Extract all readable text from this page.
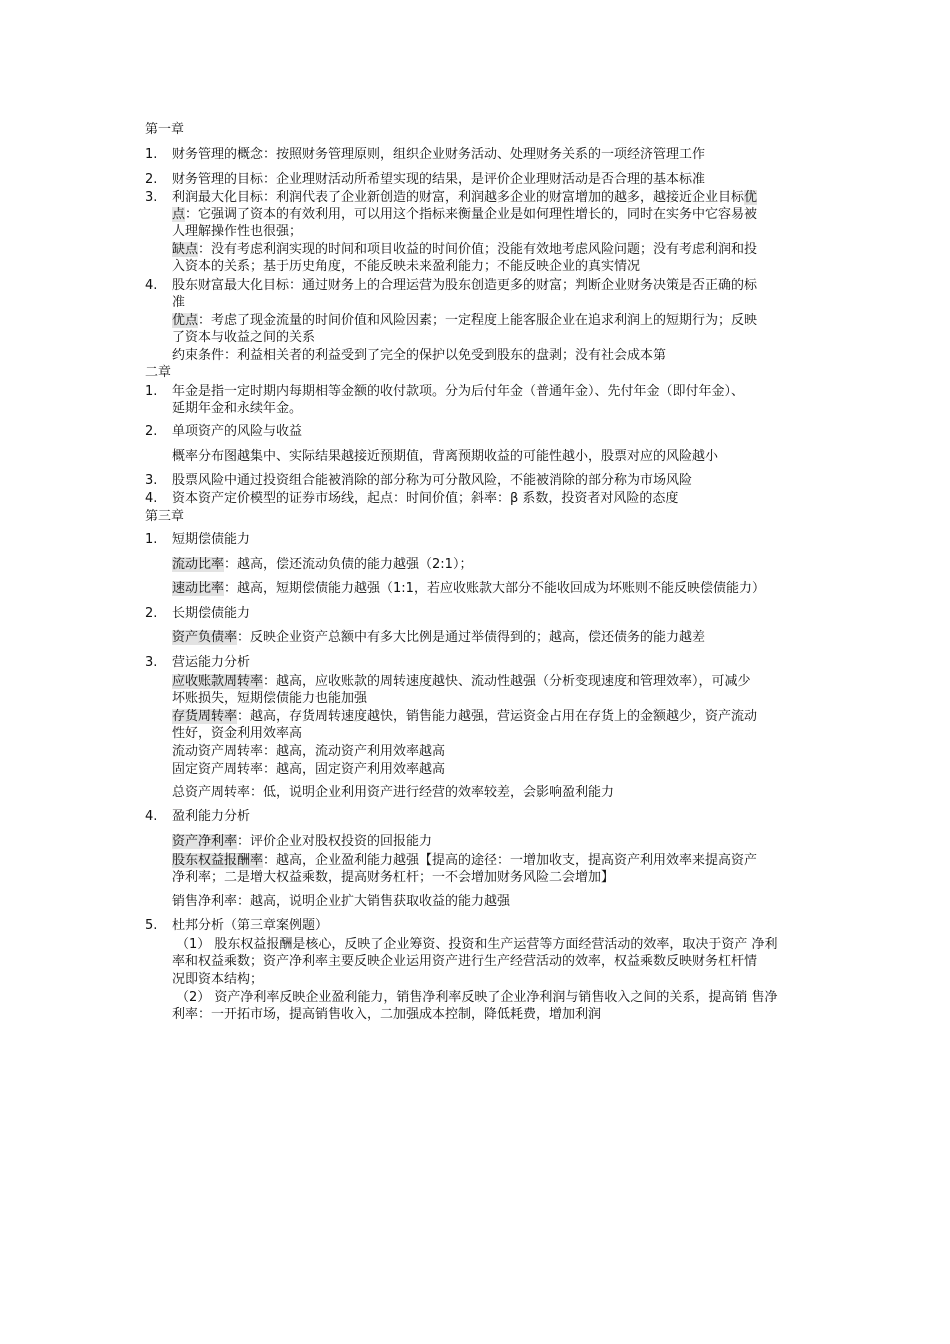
第一章
1. 财务管理的概念：按照财务管理原则，组织企业财务活动、处理财务关系的一项经济管理工作
2. 财务管理的目标：企业理财活动所希望实现的结果，是评价企业理财活动是否合理的基本标准
3. 利润最大化目标：利润代表了企业新创造的财富，利润越多企业的财富增加的越多，越接近企业目标优
点：它强调了资本的有效利用，可以用这个指标来衡量企业是如何理性增长的，同时在实务中它容易被
人理解操作性也很强；
缺点：没有考虑利润实现的时间和项目收益的时间价值；没能有效地考虑风险问题；没有考虑利润和投
入资本的关系；基于历史角度，不能反映未来盈利能力；不能反映企业的真实情况
4. 股东财富最大化目标：通过财务上的合理运营为股东创造更多的财富；判断企业财务决策是否正确的标
准
优点：考虑了现金流量的时间价值和风险因素；一定程度上能客服企业在追求利润上的短期行为；反映
了资本与收益之间的关系
约束条件：利益相关者的利益受到了完全的保护以免受到股东的盘剥；没有社会成本第
二章
1. 年金是指一定时期内每期相等金额的收付款项。分为后付年金（普通年金）、先付年金（即付年金）、
延期年金和永续年金。
2. 单项资产的风险与收益
概率分布图越集中、实际结果越接近预期值，背离预期收益的可能性越小，股票对应的风险越小
3. 股票风险中通过投资组合能被消除的部分称为可分散风险，不能被消除的部分称为市场风险
4. 资本资产定价模型的证券市场线，起点：时间价值；斜率：β 系数，投资者对风险的态度
第三章
1. 短期偿债能力
流动比率：越高，偿还流动负债的能力越强（2:1）；
速动比率：越高，短期偿债能力越强（1:1，若应收账款大部分不能收回成为坏账则不能反映偿债能力）
2. 长期偿债能力
资产负债率：反映企业资产总额中有多大比例是通过举债得到的；越高，偿还债务的能力越差
3. 营运能力分析
应收账款周转率：越高，应收账款的周转速度越快、流动性越强（分析变现速度和管理效率），可减少
坏账损失，短期偿债能力也能加强
存货周转率：越高，存货周转速度越快，销售能力越强，营运资金占用在存货上的金额越少，资产流动
性好，资金利用效率高
流动资产周转率：越高，流动资产利用效率越高
固定资产周转率：越高，固定资产利用效率越高
总资产周转率：低，说明企业利用资产进行经营的效率较差，会影响盈利能力
4. 盈利能力分析
资产净利率：评价企业对股权投资的回报能力
股东权益报酬率：越高，企业盈利能力越强【提高的途径：一增加收支，提高资产利用效率来提高资产
净利率；二是增大权益乘数，提高财务杠杆；一不会增加财务风险二会增加】
销售净利率：越高，说明企业扩大销售获取收益的能力越强
5. 杜邦分析（第三章案例题）
（1） 股东权益报酬是核心，反映了企业筹资、投资和生产运营等方面经营活动的效率，取决于资产 净利
率和权益乘数；资产净利率主要反映企业运用资产进行生产经营活动的效率，权益乘数反映财务杠杆情
况即资本结构；
（2） 资产净利率反映企业盈利能力，销售净利率反映了企业净利润与销售收入之间的关系，提高销 售净
利率：一开拓市场，提高销售收入，二加强成本控制，降低耗费，增加利润
